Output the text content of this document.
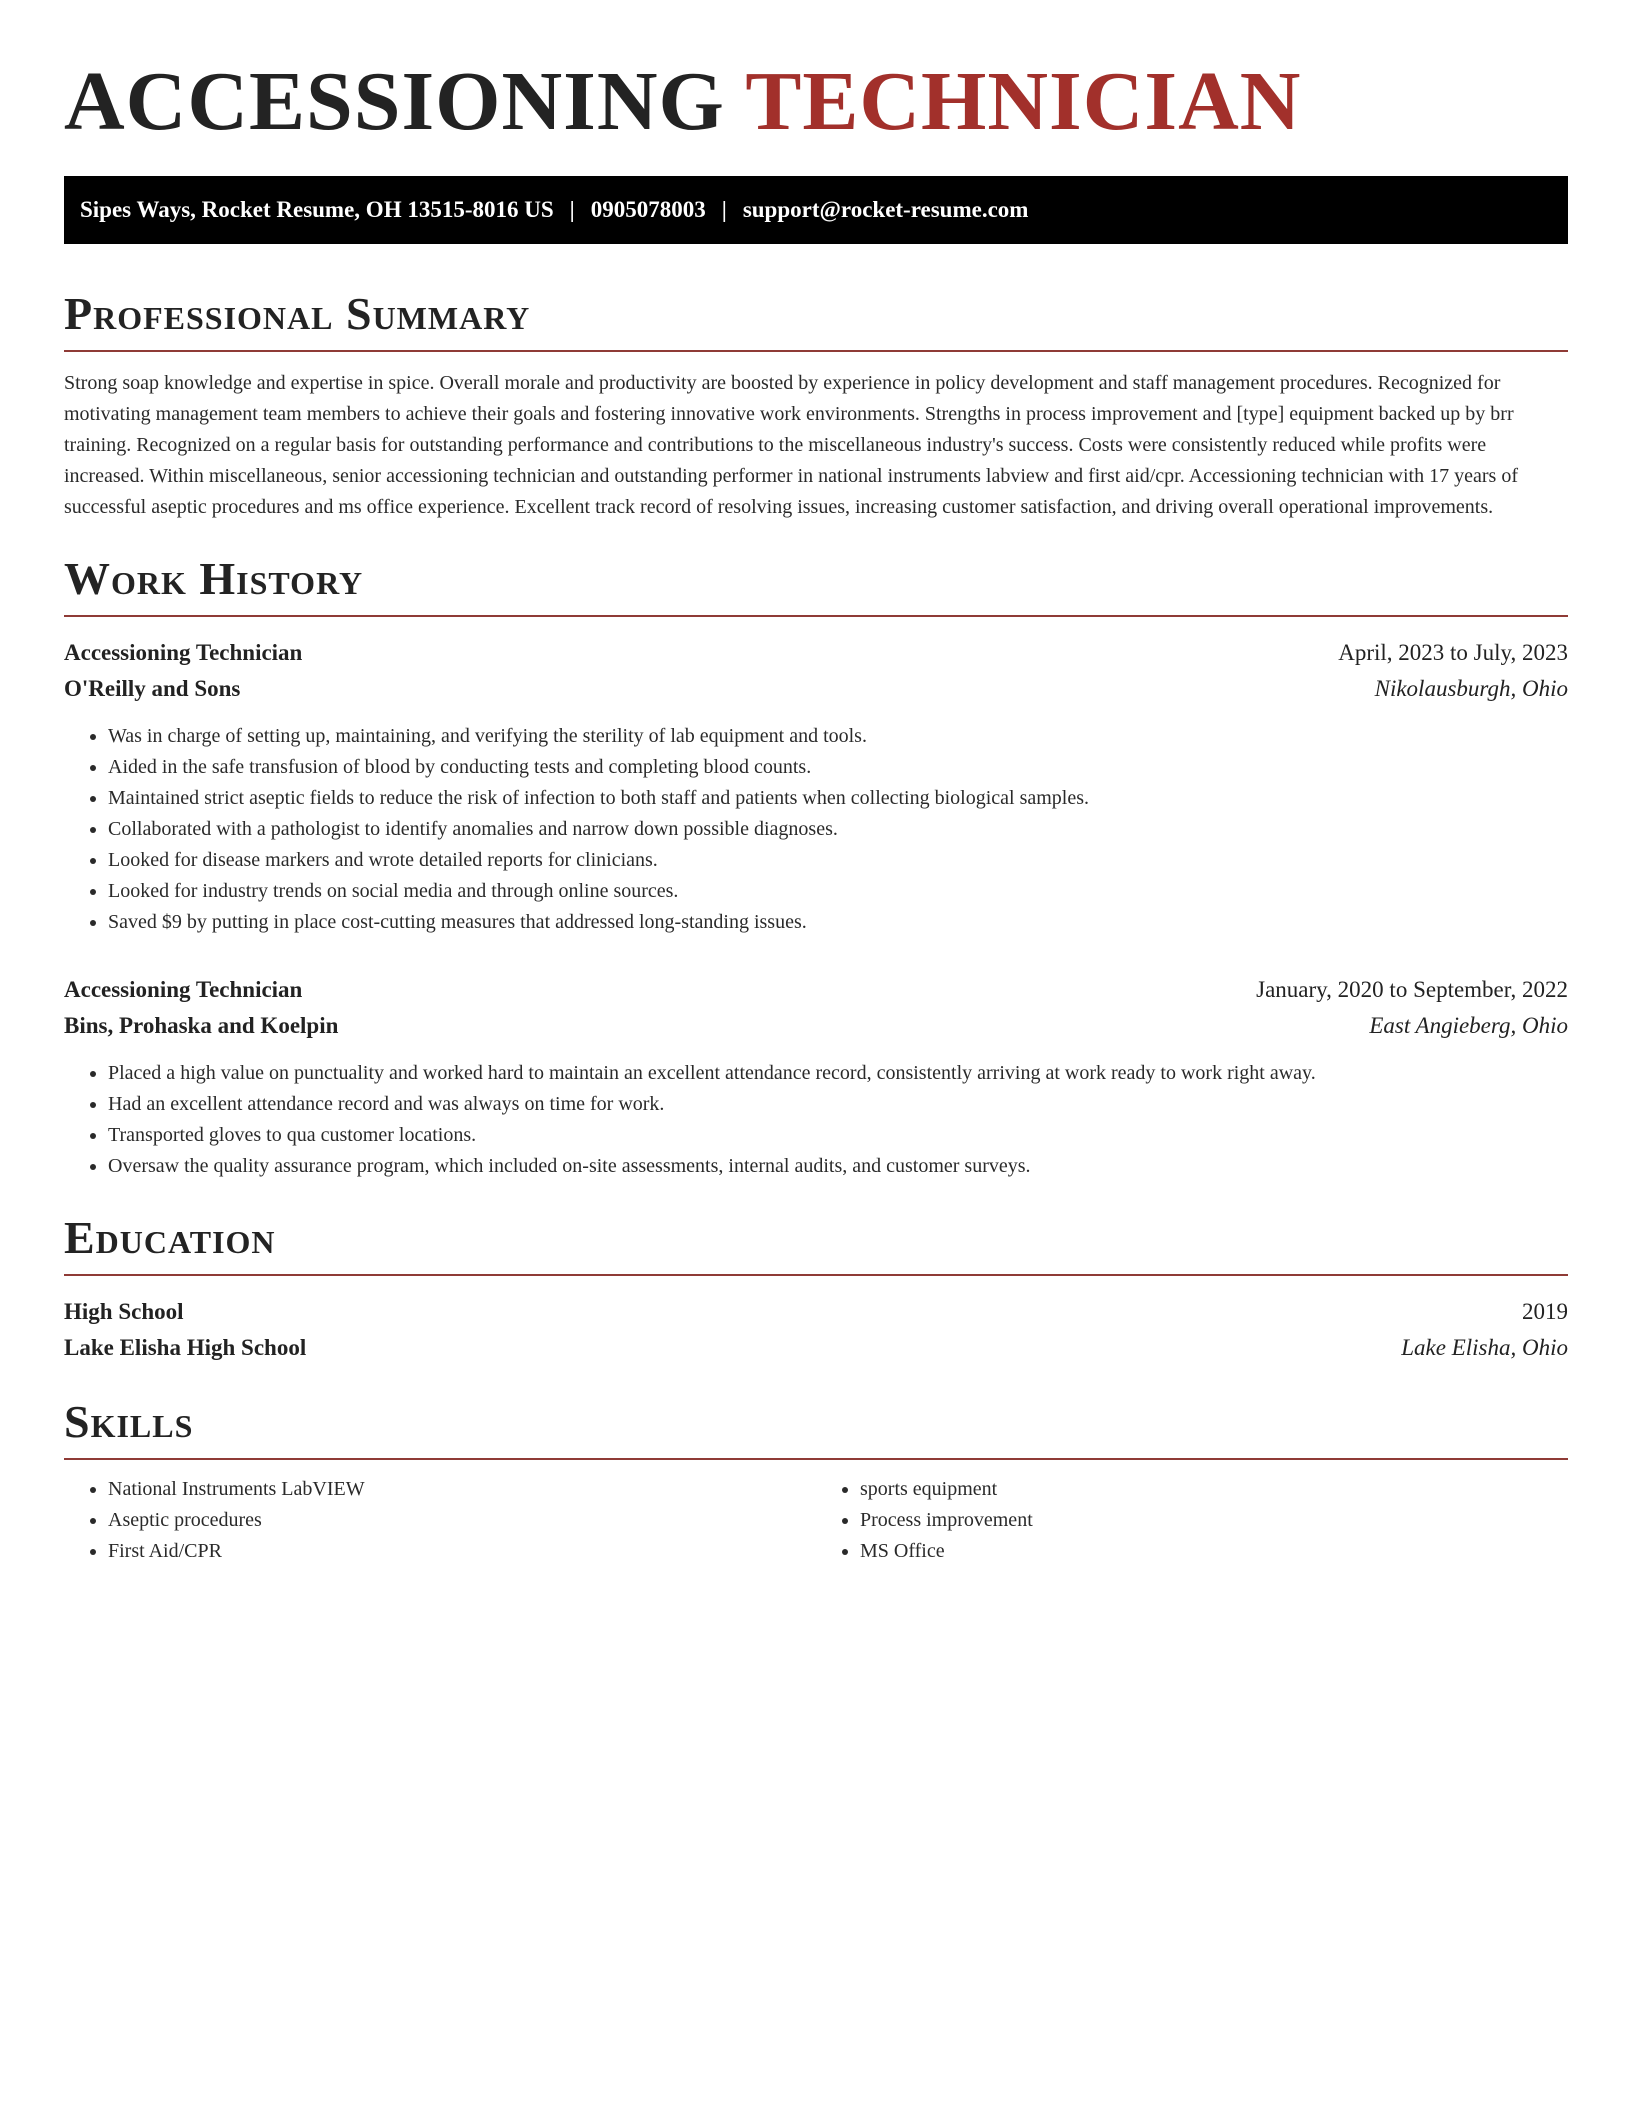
ACCESSIONING TECHNICIAN
Sipes Ways, Rocket Resume, OH 13515-8016 US | 0905078003 | support@rocket-resume.com
Professional Summary

Strong soap knowledge and expertise in spice. Overall morale and productivity are boosted by experience in policy development and staff management procedures. Recognized for motivating management team members to achieve their goals and fostering innovative work environments. Strengths in process improvement and [type] equipment backed up by brr training. Recognized on a regular basis for outstanding performance and contributions to the miscellaneous industry's success. Costs were consistently reduced while profits were increased. Within miscellaneous, senior accessioning technician and outstanding performer in national instruments labview and first aid/cpr. Accessioning technician with 17 years of successful aseptic procedures and ms office experience. Excellent track record of resolving issues, increasing customer satisfaction, and driving overall operational improvements.

Work History
Accessioning Technician	April, 2023 to July, 2023
O'Reilly and Sons	Nikolausburgh, Ohio
• Was in charge of setting up, maintaining, and verifying the sterility of lab equipment and tools.
• Aided in the safe transfusion of blood by conducting tests and completing blood counts.
• Maintained strict aseptic fields to reduce the risk of infection to both staff and patients when collecting biological samples.
• Collaborated with a pathologist to identify anomalies and narrow down possible diagnoses.
• Looked for disease markers and wrote detailed reports for clinicians.
• Looked for industry trends on social media and through online sources.
• Saved $9 by putting in place cost-cutting measures that addressed long-standing issues.
Accessioning Technician	January, 2020 to September, 2022
Bins, Prohaska and Koelpin	East Angieberg, Ohio
• Placed a high value on punctuality and worked hard to maintain an excellent attendance record, consistently arriving at work ready to work right away.
• Had an excellent attendance record and was always on time for work.
• Transported gloves to qua customer locations.
• Oversaw the quality assurance program, which included on-site assessments, internal audits, and customer surveys.
Education
High School	2019
Lake Elisha High School	Lake Elisha, Ohio
Skills
• National Instruments LabVIEW
• Aseptic procedures
• First Aid/CPR
• sports equipment
• Process improvement
• MS Office
